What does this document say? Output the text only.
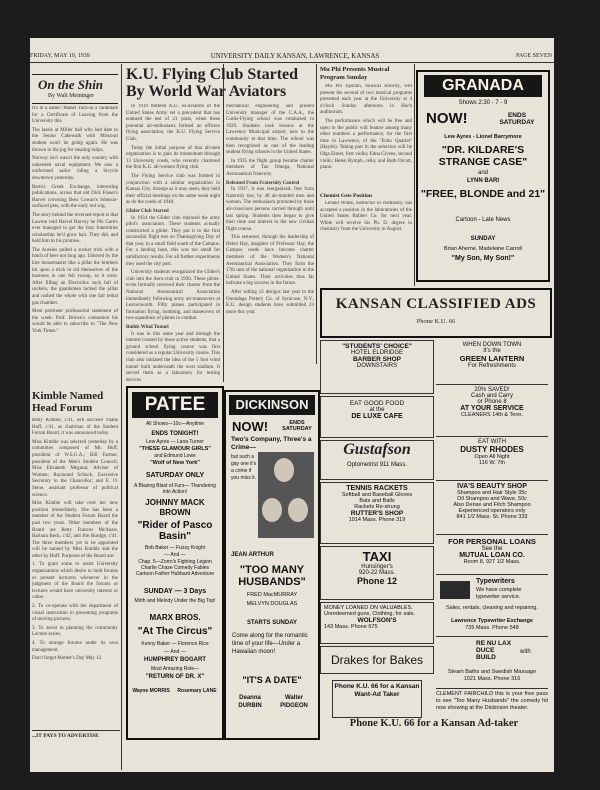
FRIDAY, MAY 19, 1939	UNIVERSITY DAILY KANSAN, LAWRENCE, KANSAS	PAGE SEVEN
On the Shin
By Walt Meininger

It's in a name? Mabel Tuch-as a candidate for a Certificate of Leaving from the University this

The lassie at Miller hall who had date to the Senior Cakewalk with Missouri student won't be going again. He was thrown in the jug for stealing tulips.

Norway isn't wasn't the only country with unheeded naval equipment. We saw a uniformed sailor riding a bicycle downtown yesterday.

Berts's Greek Exchange, interesting publications, across that old Dick Fraser's Harvel crowning Bess Cowan's Johnson-surfaced pets, with the early red wig.

The story behind the reversed report is that Lawton told Harvel Harvey he Phi Gam's ever managed to get the four fraternities scholarship he'd grow hair. They did, and held him to his promise.

The Aussies pulled a sucker trick with a batch of beer not long ago. Ushered by the hire housemaster like a pillar the brothers hit upon a trick to rid themselves of the business in one fell swoop, so it were. After filling an Electrolux suck full of suckers, the guardsmen tucked the pillar and rushed the whole with one fair lethal gas chamber.

Most pertinent professorial statement of the week: Prof. Brown's contention his would be able to subscribe to "The New York Times."

Kimble Named Head Forum

Betty Kimble, c'41, will succeed Thane Huff, c'41, as chairman of the Student Forum Board, it was announced today.

Miss Kimble was selected yesterday by a committee composed of Mr. Huff, president of W.S.G.A.; Bill Farmer, president of the Men's Student Council; Miss Elizabeth Meguiar, Adviser of Women; Raymond Schock, Executive Secretary to the Chancellor; and E. O. Stene, assistant professor of political science.

Miss Kimble will take over her new position immediately. She has been a member of the Student Forum Board the past two years. Other members of the Board are Betty Frances McAnaw, Barbara Beck, c'42, and Jim Burdge, c'41. The three members yet to be appointed will be named by Miss Kimble and the other by Huff. Purposes of the Board are:

1. To grant some to assist University organizations which desire to hold forums or present lecturers whenever in the judgment of the Board the forums or lectures would have university interest or value.

2. To co-operate with the department of visual instruction in presenting programs of moving pictures.

3. To assist in planning the community Lecture series.

4. To arrange forums under its own management.

Don't forget Mother's Day May 12.

...IT PAYS TO ADVERTISE
K.U. Flying Club Started By World War Aviators

In 1919 thirteen K.U. ex-aviators of the United States Army set a precedent that has endured the test of 21 years, when these potential air-enthusiasts formed an officers flying association, the K.U. Flying Service Club.

Today the initial purpose of that all-men organization is to gain its momentum through 13 University coeds, who recently chartered the first K.U. all-women flying club.

The Flying Service club was formed in conjunction with a similar organization in Kansas City. Strange as it may seem, they held their official meetings on the same week night as do the coeds of 1940.

Glider Club Started

In 1934 the Glider club replaced the army pilot's association. These students actually constructed a glider. They put it to the first successful flight test on Thanksgiving Day of that year, in a small field south of the Campus. For a landing base, this was too small for satisfactory results. For all further experiments they used the city port.

University students reorganized the Glider's club into the Aero-club in 1936. These pilots-to-be formally received their charter from the National Aeronautical Association immediately following army air-maneuvers at Leavenworth. Fifty planes participated in formation flying, bombing, and maneuvers of two-squadrons of planes in combat.

Builds Wind Tunnel

It was in this same year and through the interest created by these active students, that a ground school flying course was first considered as a regular University course. This club also initiated the idea of the 5 foot wind tunnel built underneath the west stadium. It served them as a laboratory for testing devices.

mechanical engineering and present University manager of the C.A.A., the Curtis-Flying school was conducted in 1929. Students took lessons at the Lawrence Municipal airport, new to the community at that time. The school was then recognized as one of the leading student flying schools in the United States.

In 1935 the flight group became charter members of Tau Omega, National Aeronautical fraternity.

Released From Fraternity Control

In 1937, it was reorganized, free from fraternity ties, by 40 air-minded men and women. The enthusiasm promoted by these air-conscious persons carried through until last spring. Students then began to give their time and interest to the new civilian flight course.

This semester, through the leadership of Helen Hay, daughter of Professor Hay, the Campus coeds have become charter members of the Women's National Aeronautical Association. They form the 17th unit of the national organization in the United States. Their activities thus far indicate a big success in the future.

After selling 12 designs last year to the Onondaga Pottery Co. of Syracuse, N.Y., K.U. design students have submitted 23 more this year.

Mu Phi Presents Musical Program Sunday

Mu Phi Epsilon, musical sorority, will present the second of two musical programs presented each year at the University at 4 o'clock Sunday afternoon in Hoch auditorium.

The performance which will be free and open to the public will feature among many other numbers a performance, for the first time in Lawrence, of the "Echo Quartet" (Haydn). Taking part in the selection will be Olga Eitner, first violin; Edna Givens, second violin; Helen Rymph, cello; and Ruth Orcutt, piano.

Chemist Gets Position
Leland White, instructor in chemistry, has accepted a position in the laboratories of the United States Rubber Co. for next year. White will receive his Ph. D. degree in chemistry from the University in August.
GRANADA
Shows 2:30 - 7 - 9
NOW!	ENDS SATURDAY
Lew Ayres - Lionel Barrymore
"DR. KILDARE'S STRANGE CASE"
and
LYNN BARI
"FREE, BLONDE and 21"
Cartoon - Late News
SUNDAY
Brian Aherne, Madeleine Carroll
"My Son, My Son!"
PATEE
All Shows—10c—Anytime
ENDS TONIGHT!
Lew Ayres — Lana Turner
"THESE GLAMOUR GIRLS"
and Edmund Lowe
"Wolf of New York"
SATURDAY ONLY
A Blazing Blast of Furs— Thundering into Action!
JOHNNY MACK
BROWN
"Rider of Pasco Basin"
Bob Baker — Fuzzy Knight
— And —
Chap. 5—Zorro's Fighting Legion Charlie Chase Comedy Fables Cartoon Father Hubbard Adventure
SUNDAY — 3 Days
Mirth and Melody Under the Big Top!
MARX BROS.
"At The Circus"
Kenny Baker — Florence Rice
— And —
HUMPHREY BOGART
Most Amazing Role—
"RETURN OF DR. X"
Wayne MORRIS	Rosemary LANE
DICKINSON
NOW!	ENDS SATURDAY
Two's Company, Three's a Crime—
but such a gay one it's a crime if you miss it.
JEAN ARTHUR
"TOO MANY HUSBANDS"
FRED MacMURRAY
MELVYN DOUGLAS
STARTS SUNDAY
Come along for the romantic time of your life—Under a Hawaiian moon!
"IT'S A DATE"
Deanna DURBIN
Walter PIDGEON
KANSAN CLASSIFIED ADS
Phone K.U. 66
"STUDENTS' CHOICE"
HOTEL ELDRIDGE
BARBER SHOP
DOWNSTAIRS
EAT GOOD FOOD
at the
DE LUXE CAFE
Gustafson
Optometrist 911 Mass.
TENNIS RACKETS
Softball and Baseball Gloves
Bats and Balls
Rackets Re-strung
RUTTER'S SHOP
1014 Mass. Phone 319
TAXI
Hunsinger's
920-22 Mass.
Phone 12
MONEY LOANED ON VALUABLES.
Unredeemed guns, Clothing, for sale.
WOLFSON'S
143 Mass. Phone 675
Drakes for Bakes
Phone K.U. 66 for a Kansan Want-Ad Taker
WHEN DOWN TOWN
It's the
GREEN LANTERN
For Refreshments
20% SAVED!
Cash and Carry
or Phone 8
AT YOUR SERVICE
CLEANERS 14th & Tenn.
EAT WITH
DUSTY RHODES
Open All Night
116 W. 7th
IVA'S BEAUTY SHOP
Shampoo and Hair Style 35c
Oil Shampoo and Wave, 50c
Also Dense and Fitch Shampoo
Experienced operators only
841 1/2 Mass. St. Phone 333
FOR PERSONAL LOANS
See the
MUTUAL LOAN CO.
Room 8, 927 1/2 Mass.
Typewriters
We have complete typewriter service.
Sales, rentals, cleaning and repairing.
Lawrence Typewriter Exchange
735 Mass. Phone 548
RE NU LAX DUCE BUILD
with
Steam Baths and Swedish Massage
1021 Mass. Phone 316
CLEMENT FAIRCHILD this is your free pass to see "Too Many Husbands" the comedy hit now showing at the Dickinson theater.
Phone K.U. 66 for a Kansan Ad-taker
